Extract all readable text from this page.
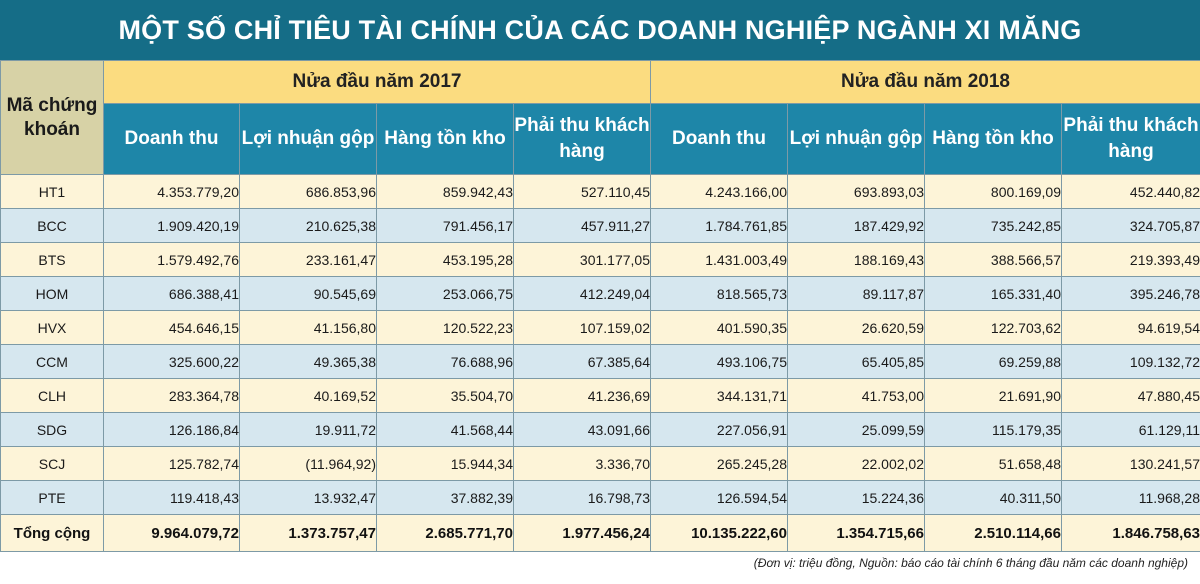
MỘT SỐ CHỈ TIÊU TÀI CHÍNH CỦA CÁC DOANH NGHIỆP NGÀNH XI MĂNG
Mã chứng khoán	Nửa đầu năm 2017				Nửa đầu năm 2018			
	Doanh thu	Lợi nhuận gộp	Hàng tồn kho	Phải thu khách hàng	Doanh thu	Lợi nhuận gộp	Hàng tồn kho	Phải thu khách hàng
HT1	4.353.779,20	686.853,96	859.942,43	527.110,45	4.243.166,00	693.893,03	800.169,09	452.440,82
BCC	1.909.420,19	210.625,38	791.456,17	457.911,27	1.784.761,85	187.429,92	735.242,85	324.705,87
BTS	1.579.492,76	233.161,47	453.195,28	301.177,05	1.431.003,49	188.169,43	388.566,57	219.393,49
HOM	686.388,41	90.545,69	253.066,75	412.249,04	818.565,73	89.117,87	165.331,40	395.246,78
HVX	454.646,15	41.156,80	120.522,23	107.159,02	401.590,35	26.620,59	122.703,62	94.619,54
CCM	325.600,22	49.365,38	76.688,96	67.385,64	493.106,75	65.405,85	69.259,88	109.132,72
CLH	283.364,78	40.169,52	35.504,70	41.236,69	344.131,71	41.753,00	21.691,90	47.880,45
SDG	126.186,84	19.911,72	41.568,44	43.091,66	227.056,91	25.099,59	115.179,35	61.129,11
SCJ	125.782,74	(11.964,92)	15.944,34	3.336,70	265.245,28	22.002,02	51.658,48	130.241,57
PTE	119.418,43	13.932,47	37.882,39	16.798,73	126.594,54	15.224,36	40.311,50	11.968,28
Tổng cộng	9.964.079,72	1.373.757,47	2.685.771,70	1.977.456,24	10.135.222,60	1.354.715,66	2.510.114,66	1.846.758,63
(Đơn vị: triệu đồng, Nguồn: báo cáo tài chính 6 tháng đầu năm các doanh nghiệp)
